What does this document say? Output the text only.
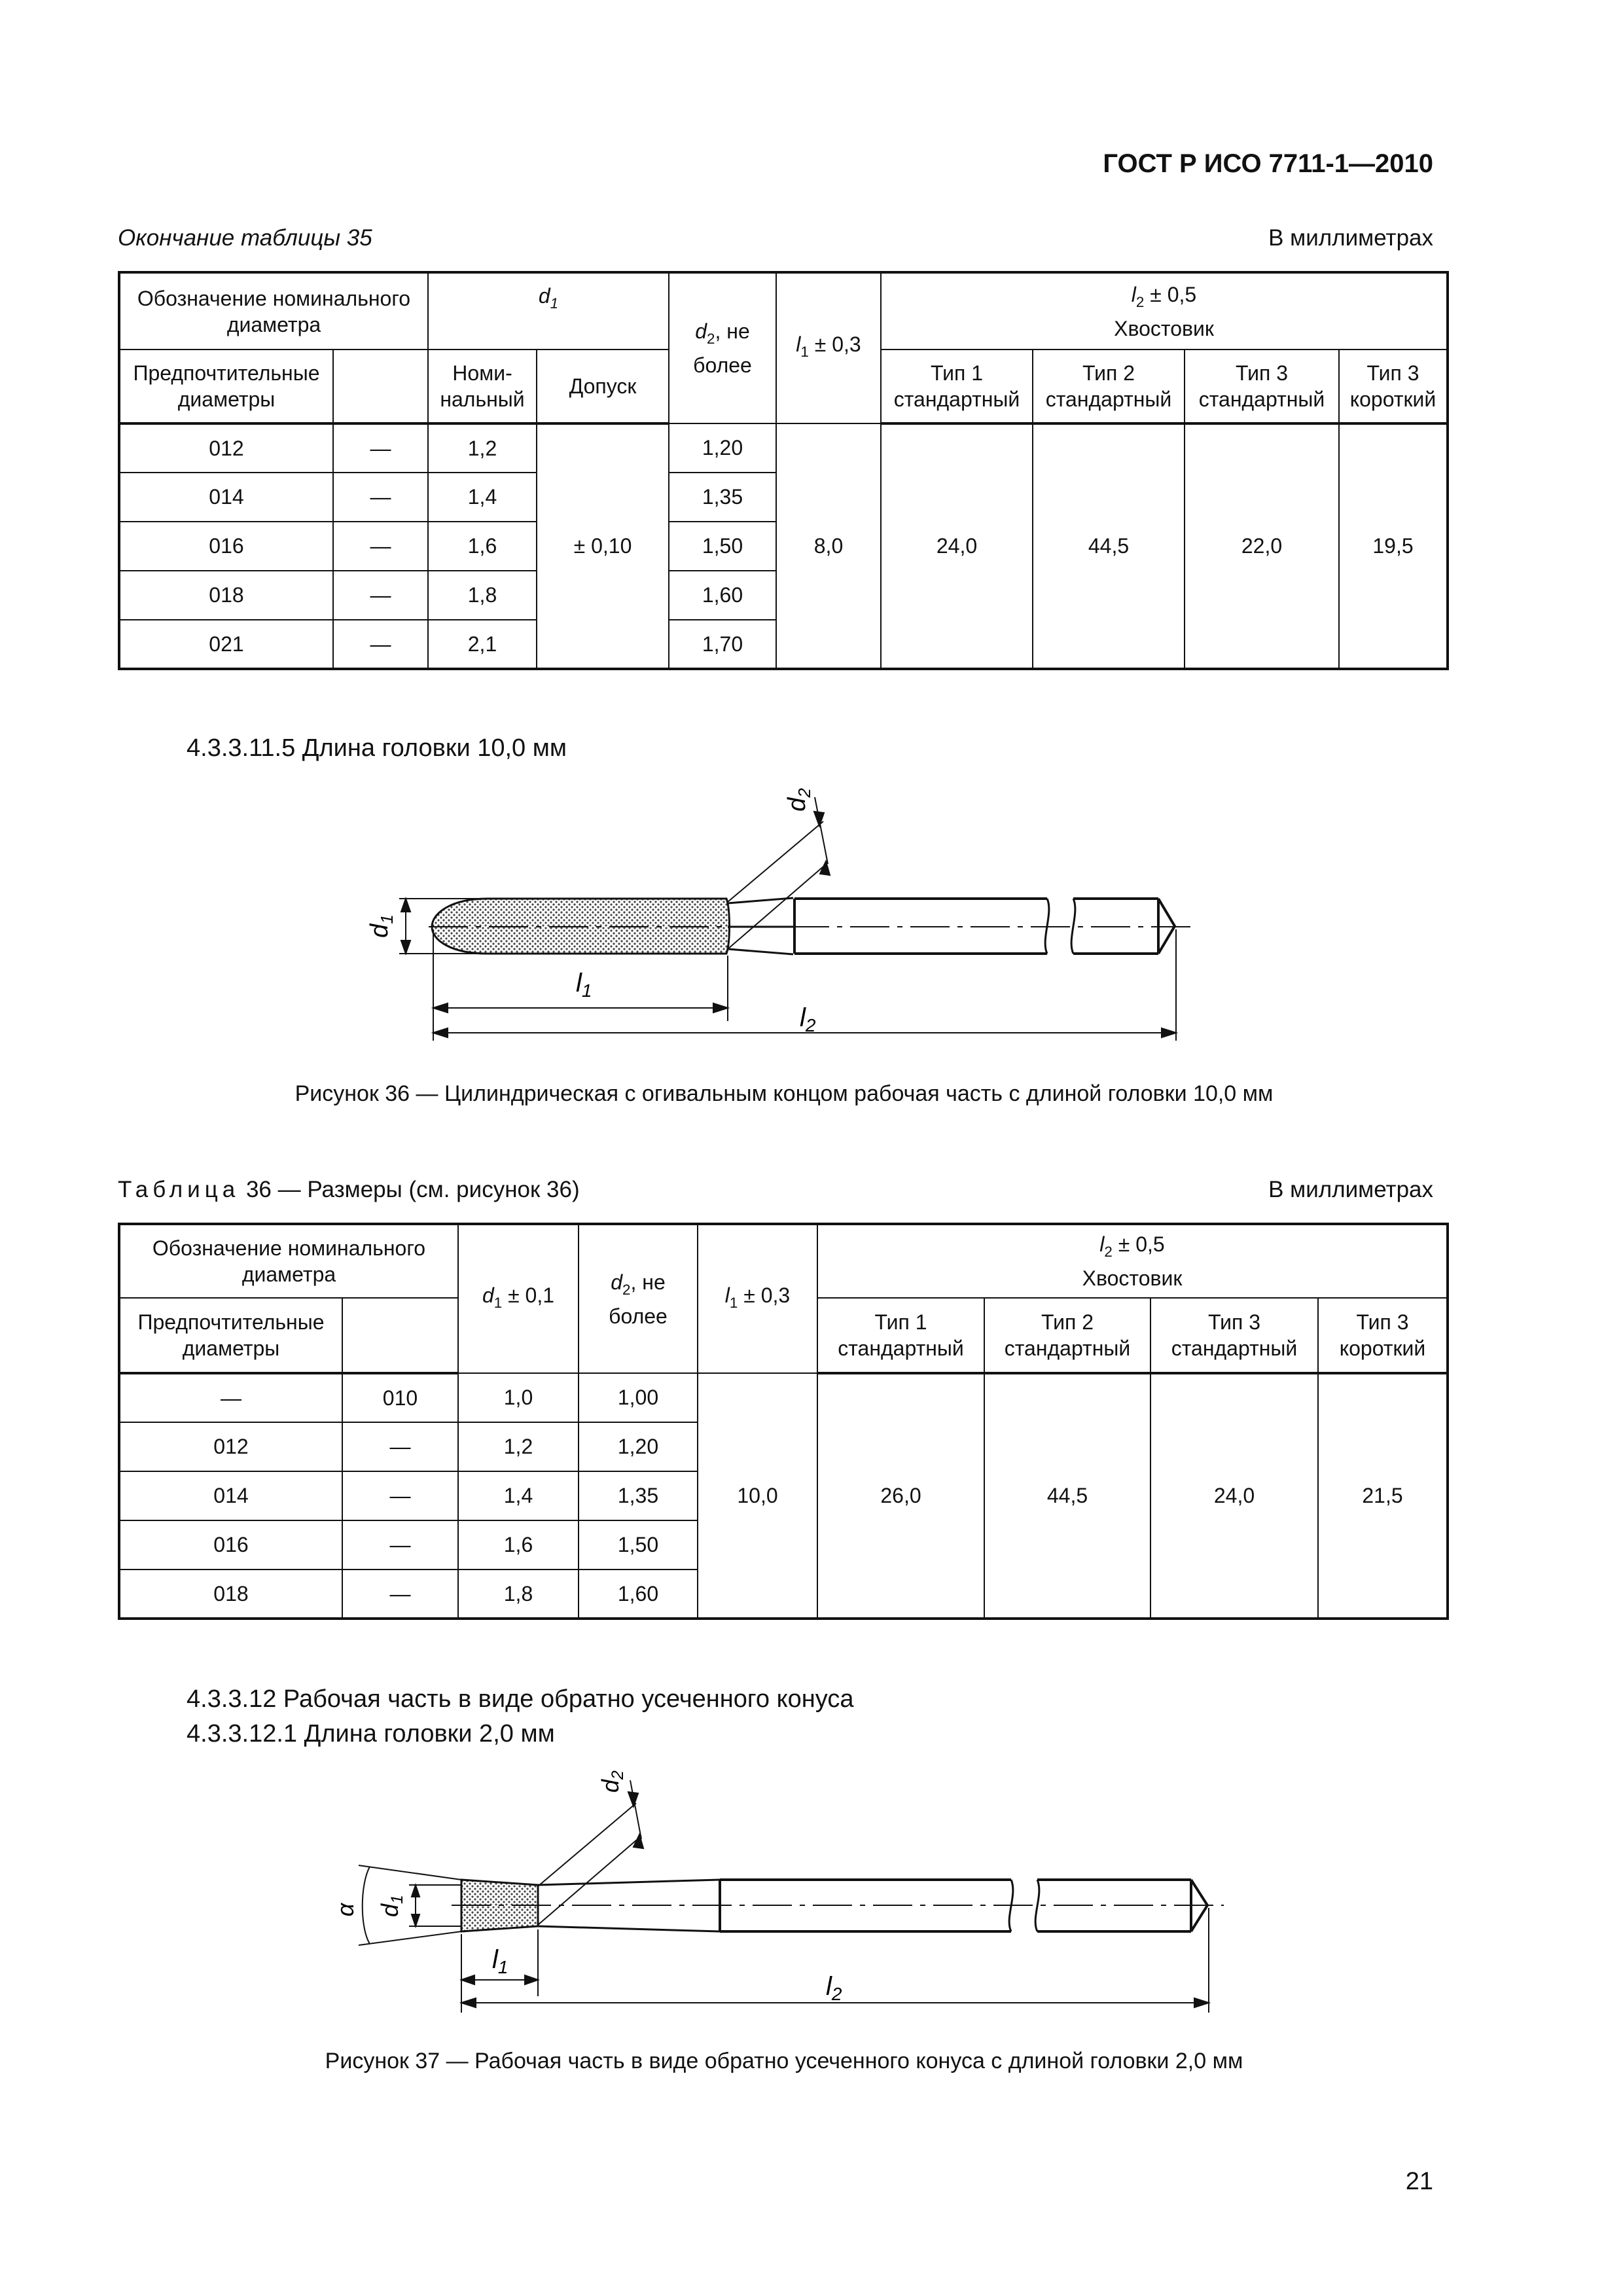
ГОСТ Р ИСО 7711-1—2010
Окончание таблицы 35	В миллиметрах
Обозначение номинального диаметра		$d_1$		$d_2$, не более	$l_1 \pm 0,3$	$l_2 \pm 0,5$
Хвостовик			

Предпочтительные диаметры		Номи-нальный	Допуск			Тип 1 стандартный	Тип 2 стандартный	Тип 3 стандартный	Тип 3 короткий
012	—	1,2	± 0,10	1,20	8,0	24,0	44,5	22,0	19,5
014	—	1,4		1,35					
016	—	1,6		1,50					
018	—	1,8		1,60					
021	—	2,1		1,70					
4.3.3.11.5 Длина головки 10,0 мм
$d_1$
$d_2$
$l_1$
$l_2$
Рисунок 36 — Цилиндрическая с огивальным концом рабочая часть с длиной головки 10,0 мм
Таблица 36 — Размеры (см. рисунок 36)	В миллиметрах
Обозначение номинального диаметра		$d_1 \pm 0,1$	$d_2$, не более	$l_1 \pm 0,3$	$l_2 \pm 0,5$
Хвостовик			

Предпочтительные диаметры					Тип 1 стандартный	Тип 2 стандартный	Тип 3 стандартный	Тип 3 короткий
—	010	1,0	1,00	10,0	26,0	44,5	24,0	21,5
012	—	1,2	1,20					
014	—	1,4	1,35					
016	—	1,6	1,50					
018	—	1,8	1,60					
4.3.3.12 Рабочая часть в виде обратно усеченного конуса
4.3.3.12.1 Длина головки 2,0 мм
α d1
d2
$l_1$
$l_2$
Рисунок 37 — Рабочая часть в виде обратно усеченного конуса с длиной головки 2,0 мм
21
